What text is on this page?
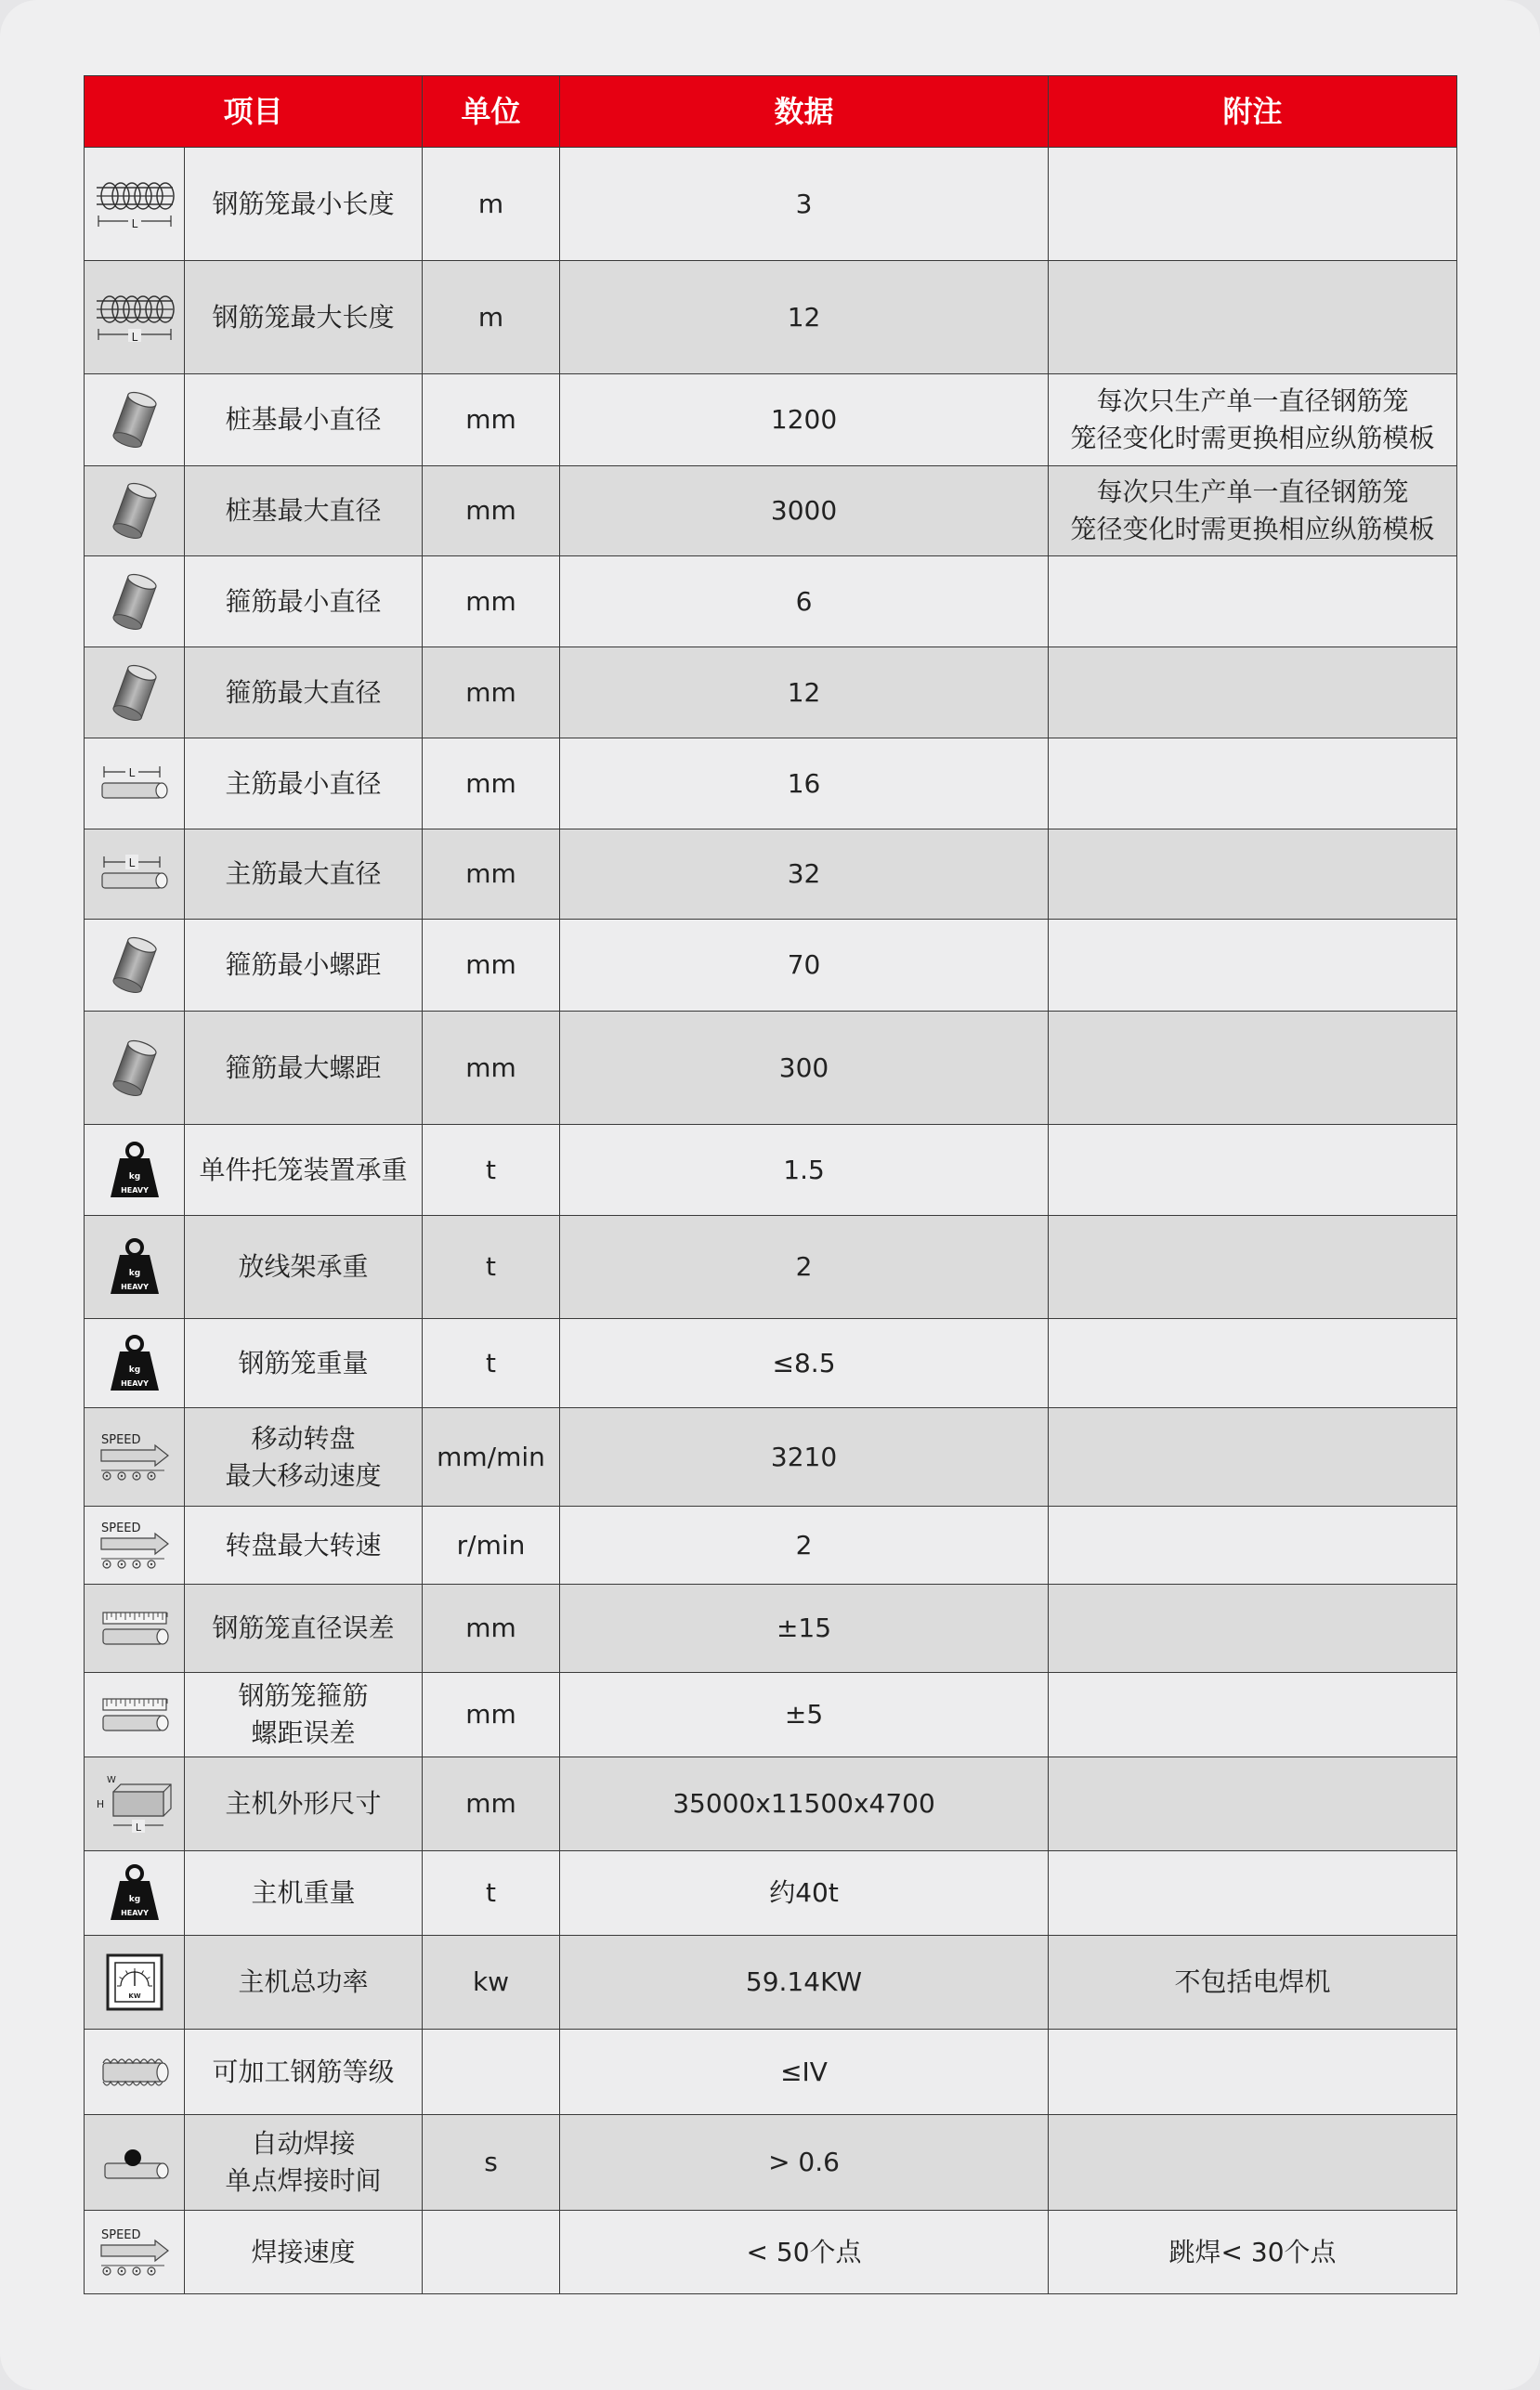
项目		单位	数据	附注

L	钢筋笼最小长度	m	3	

L	钢筋笼最大长度	m	12	

	桩基最小直径	mm	1200	每次只生产单一直径钢筋笼
笼径变化时需更换相应纵筋模板

	桩基最大直径	mm	3000	每次只生产单一直径钢筋笼
笼径变化时需更换相应纵筋模板

	箍筋最小直径	mm	6	

	箍筋最大直径	mm	12	

L	主筋最小直径	mm	16	

L	主筋最大直径	mm	32	

	箍筋最小螺距	mm	70	

	箍筋最大螺距	mm	300	

kg
HEAVY	单件托笼装置承重	t	1.5	

kg
HEAVY	放线架承重	t	2	

kg
HEAVY	钢筋笼重量	t	≤8.5	

SPEED	移动转盘
最大移动速度	mm/min	3210	

SPEED	转盘最大转速	r/min	2	

	钢筋笼直径误差	mm	±15	

	钢筋笼箍筋
螺距误差	mm	±5	

W
H
L	主机外形尺寸	mm	35000x11500x4700	

kg
HEAVY	主机重量	t	约40t	

KW	主机总功率	kw	59.14KW	不包括电焊机

	可加工钢筋等级		≤IV	

	自动焊接
单点焊接时间	s	> 0.6	

SPEED	焊接速度		< 50个点	跳焊< 30个点
